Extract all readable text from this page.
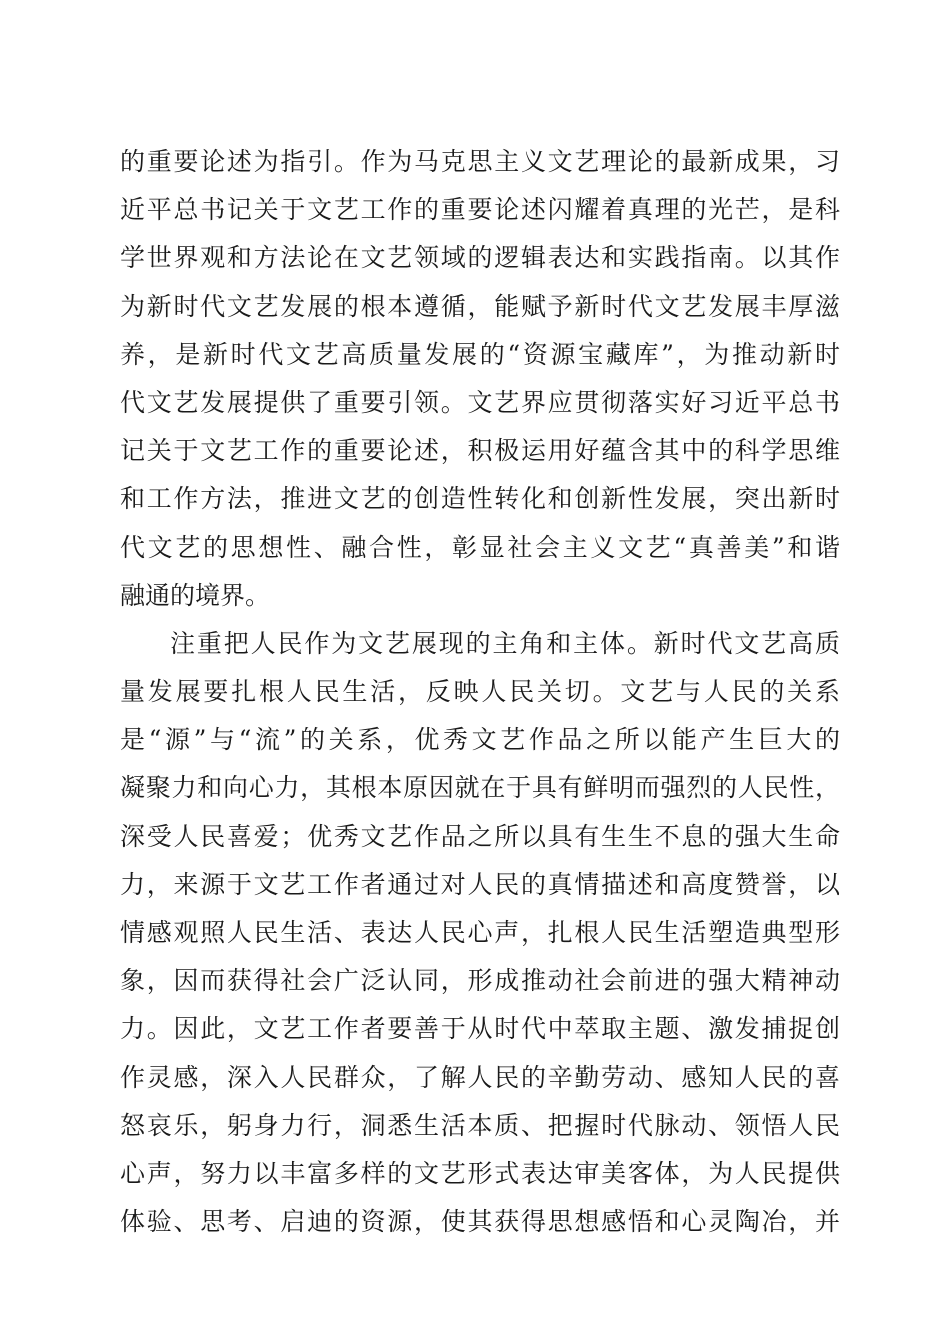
的重要论述为指引。作为马克思主义文艺理论的最新成果，习
近平总书记关于文艺工作的重要论述闪耀着真理的光芒，是科
学世界观和方法论在文艺领域的逻辑表达和实践指南。以其作
为新时代文艺发展的根本遵循，能赋予新时代文艺发展丰厚滋
养，是新时代文艺高质量发展的“资源宝藏库”，为推动新时
代文艺发展提供了重要引领。文艺界应贯彻落实好习近平总书
记关于文艺工作的重要论述，积极运用好蕴含其中的科学思维
和工作方法，推进文艺的创造性转化和创新性发展，突出新时
代文艺的思想性、融合性，彰显社会主义文艺“真善美”和谐
融通的境界。
注重把人民作为文艺展现的主角和主体。新时代文艺高质
量发展要扎根人民生活，反映人民关切。文艺与人民的关系
是“源”与“流”的关系，优秀文艺作品之所以能产生巨大的
凝聚力和向心力，其根本原因就在于具有鲜明而强烈的人民性，
深受人民喜爱；优秀文艺作品之所以具有生生不息的强大生命
力，来源于文艺工作者通过对人民的真情描述和高度赞誉，以
情感观照人民生活、表达人民心声，扎根人民生活塑造典型形
象，因而获得社会广泛认同，形成推动社会前进的强大精神动
力。因此，文艺工作者要善于从时代中萃取主题、激发捕捉创
作灵感，深入人民群众，了解人民的辛勤劳动、感知人民的喜
怒哀乐，躬身力行，洞悉生活本质、把握时代脉动、领悟人民
心声，努力以丰富多样的文艺形式表达审美客体，为人民提供
体验、思考、启迪的资源，使其获得思想感悟和心灵陶冶，并
